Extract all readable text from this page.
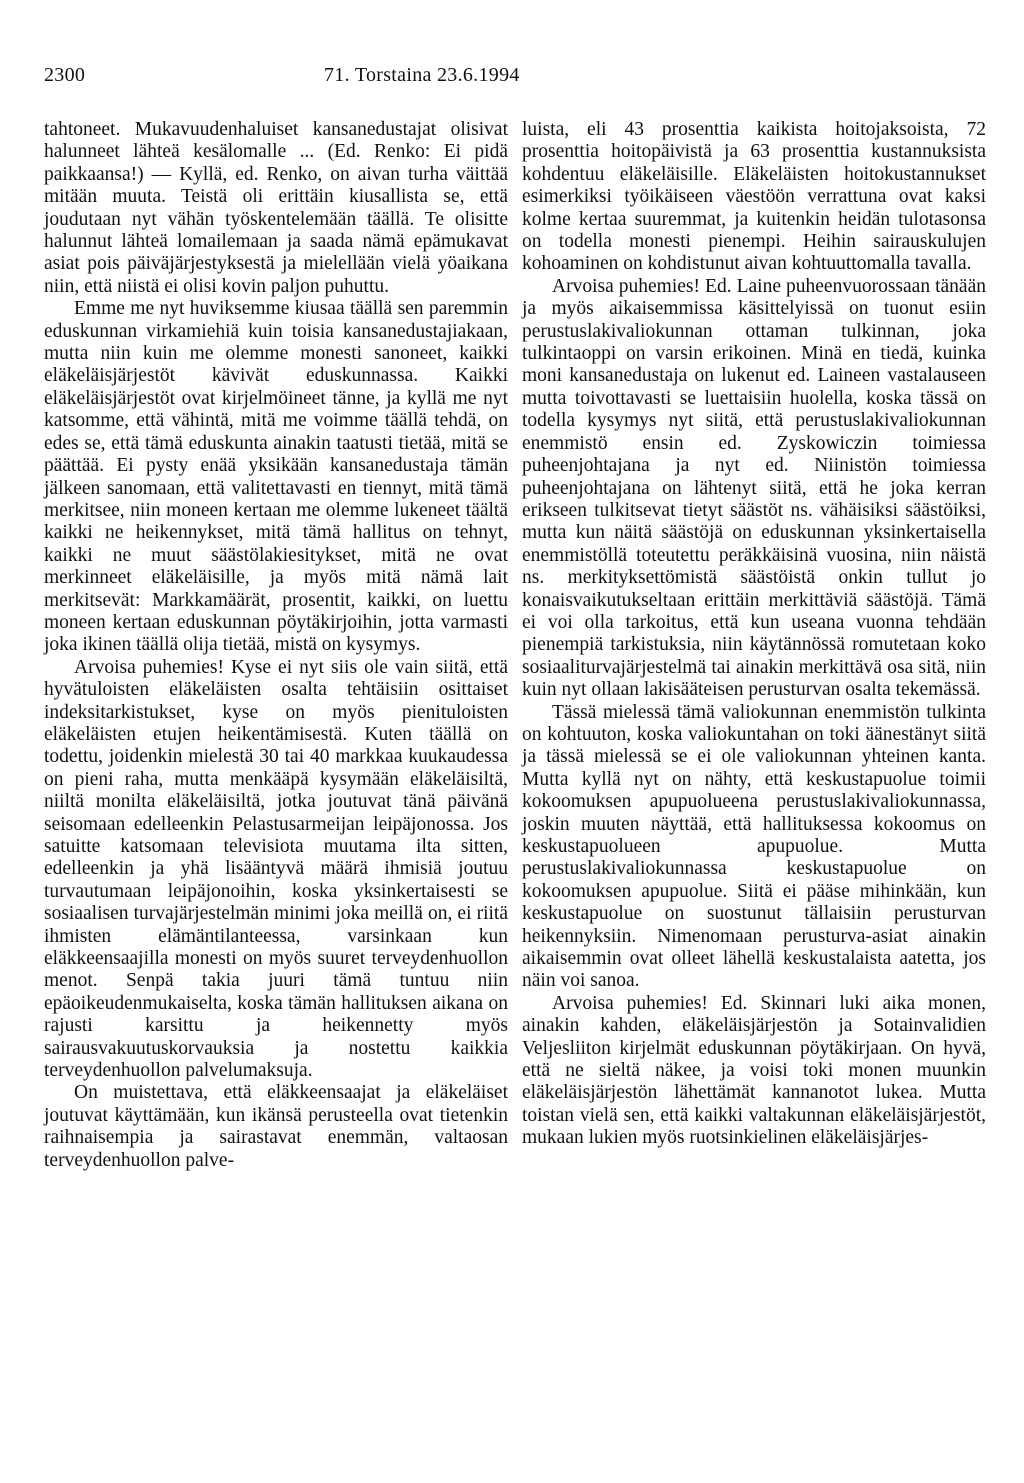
2300	71. Torstaina 23.6.1994

tahtoneet. Mukavuudenhaluiset kansanedustajat olisivat halunneet lähteä kesälomalle ... (Ed. Renko: Ei pidä paikkaansa!) — Kyllä, ed. Renko, on aivan turha väittää mitään muuta. Teistä oli erittäin kiusallista se, että joudutaan nyt vähän työskentelemään täällä. Te olisitte halunnut lähteä lomailemaan ja saada nämä epämukavat asiat pois päiväjärjestyksestä ja mielellään vielä yöaikana niin, että niistä ei olisi kovin paljon puhuttu.

Emme me nyt huviksemme kiusaa täällä sen paremmin eduskunnan virkamiehiä kuin toisia kansanedustajiakaan, mutta niin kuin me olemme monesti sanoneet, kaikki eläkeläisjärjestöt kävivät eduskunnassa. Kaikki eläkeläisjärjestöt ovat kirjelmöineet tänne, ja kyllä me nyt katsomme, että vähintä, mitä me voimme täällä tehdä, on edes se, että tämä eduskunta ainakin taatusti tietää, mitä se päättää. Ei pysty enää yksikään kansanedustaja tämän jälkeen sanomaan, että valitettavasti en tiennyt, mitä tämä merkitsee, niin moneen kertaan me olemme lukeneet täältä kaikki ne heikennykset, mitä tämä hallitus on tehnyt, kaikki ne muut säästölakiesitykset, mitä ne ovat merkinneet eläkeläisille, ja myös mitä nämä lait merkitsevät: Markkamäärät, prosentit, kaikki, on luettu moneen kertaan eduskunnan pöytäkirjoihin, jotta varmasti joka ikinen täällä olija tietää, mistä on kysymys.

Arvoisa puhemies! Kyse ei nyt siis ole vain siitä, että hyvätuloisten eläkeläisten osalta tehtäisiin osittaiset indeksitarkistukset, kyse on myös pienituloisten eläkeläisten etujen heikentämisestä. Kuten täällä on todettu, joidenkin mielestä 30 tai 40 markkaa kuukaudessa on pieni raha, mutta menkääpä kysymään eläkeläisiltä, niiltä monilta eläkeläisiltä, jotka joutuvat tänä päivänä seisomaan edelleenkin Pelastusarmeijan leipäjonossa. Jos satuitte katsomaan televisiota muutama ilta sitten, edelleenkin ja yhä lisääntyvä määrä ihmisiä joutuu turvautumaan leipäjonoihin, koska yksinkertaisesti se sosiaalisen turvajärjestelmän minimi joka meillä on, ei riitä ihmisten elämäntilanteessa, varsinkaan kun eläkkeensaajilla monesti on myös suuret terveydenhuollon menot. Senpä takia juuri tämä tuntuu niin epäoikeudenmukaiselta, koska tämän hallituksen aikana on rajusti karsittu ja heikennetty myös sairausvakuutuskorvauksia ja nostettu kaikkia terveydenhuollon palvelumaksuja.

On muistettava, että eläkkeensaajat ja eläkeläiset joutuvat käyttämään, kun ikänsä perusteella ovat tietenkin raihnaisempia ja sairastavat enemmän, valtaosan terveydenhuollon palve-

luista, eli 43 prosenttia kaikista hoitojaksoista, 72 prosenttia hoitopäivistä ja 63 prosenttia kustannuksista kohdentuu eläkeläisille. Eläkeläisten hoitokustannukset esimerkiksi työikäiseen väestöön verrattuna ovat kaksi kolme kertaa suuremmat, ja kuitenkin heidän tulotasonsa on todella monesti pienempi. Heihin sairauskulujen kohoaminen on kohdistunut aivan kohtuuttomalla tavalla.

Arvoisa puhemies! Ed. Laine puheenvuorossaan tänään ja myös aikaisemmissa käsittelyissä on tuonut esiin perustuslakivaliokunnan ottaman tulkinnan, joka tulkintaoppi on varsin erikoinen. Minä en tiedä, kuinka moni kansanedustaja on lukenut ed. Laineen vastalauseen mutta toivottavasti se luettaisiin huolella, koska tässä on todella kysymys nyt siitä, että perustuslakivaliokunnan enemmistö ensin ed. Zyskowiczin toimiessa puheenjohtajana ja nyt ed. Niinistön toimiessa puheenjohtajana on lähtenyt siitä, että he joka kerran erikseen tulkitsevat tietyt säästöt ns. vähäisiksi säästöiksi, mutta kun näitä säästöjä on eduskunnan yksinkertaisella enemmistöllä toteutettu peräkkäisinä vuosina, niin näistä ns. merkityksettömistä säästöistä onkin tullut jo konaisvaikutukseltaan erittäin merkittäviä säästöjä. Tämä ei voi olla tarkoitus, että kun useana vuonna tehdään pienempiä tarkistuksia, niin käytännössä romutetaan koko sosiaaliturvajärjestelmä tai ainakin merkittävä osa sitä, niin kuin nyt ollaan lakisääteisen perusturvan osalta tekemässä.

Tässä mielessä tämä valiokunnan enemmistön tulkinta on kohtuuton, koska valiokuntahan on toki äänestänyt siitä ja tässä mielessä se ei ole valiokunnan yhteinen kanta. Mutta kyllä nyt on nähty, että keskustapuolue toimii kokoomuksen apupuolueena perustuslakivaliokunnassa, joskin muuten näyttää, että hallituksessa kokoomus on keskustapuolueen apupuolue. Mutta perustuslakivaliokunnassa keskustapuolue on kokoomuksen apupuolue. Siitä ei pääse mihinkään, kun keskustapuolue on suostunut tällaisiin perusturvan heikennyksiin. Nimenomaan perusturva-asiat ainakin aikaisemmin ovat olleet lähellä keskustalaista aatetta, jos näin voi sanoa.

Arvoisa puhemies! Ed. Skinnari luki aika monen, ainakin kahden, eläkeläisjärjestön ja Sotainvalidien Veljesliiton kirjelmät eduskunnan pöytäkirjaan. On hyvä, että ne sieltä näkee, ja voisi toki monen muunkin eläkeläisjärjestön lähettämät kannanotot lukea. Mutta toistan vielä sen, että kaikki valtakunnan eläkeläisjärjestöt, mukaan lukien myös ruotsinkielinen eläkeläisjärjes-
